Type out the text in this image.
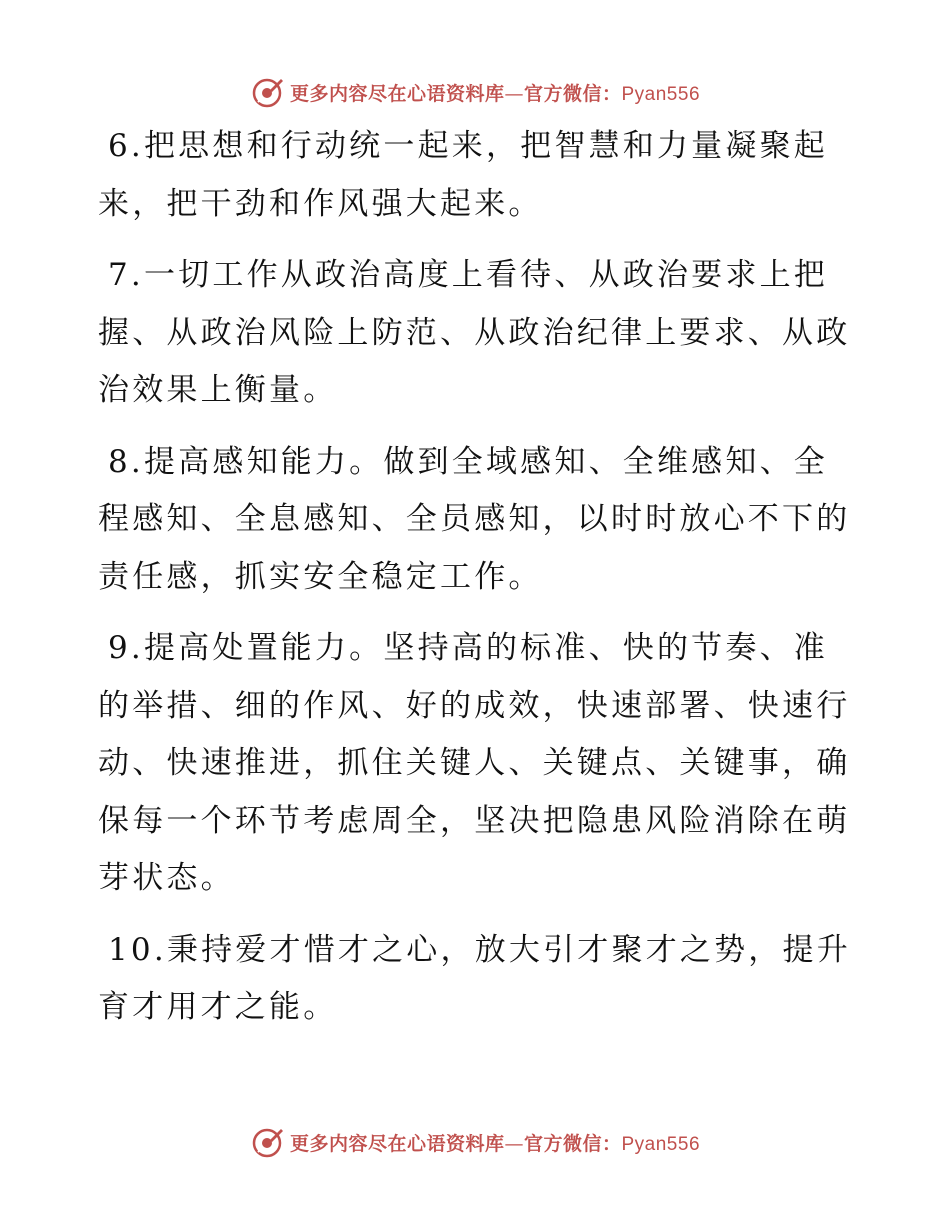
更多内容尽在心语资料库—官方微信：Pyan556

6.把思想和行动统一起来，把智慧和力量凝聚起来，把干劲和作风强大起来。

7.一切工作从政治高度上看待、从政治要求上把握、从政治风险上防范、从政治纪律上要求、从政治效果上衡量。

8.提高感知能力。做到全域感知、全维感知、全程感知、全息感知、全员感知，以时时放心不下的责任感，抓实安全稳定工作。

9.提高处置能力。坚持高的标准、快的节奏、准的举措、细的作风、好的成效，快速部署、快速行动、快速推进，抓住关键人、关键点、关键事，确保每一个环节考虑周全，坚决把隐患风险消除在萌芽状态。

10.秉持爱才惜才之心，放大引才聚才之势，提升育才用才之能。

更多内容尽在心语资料库—官方微信：Pyan556
